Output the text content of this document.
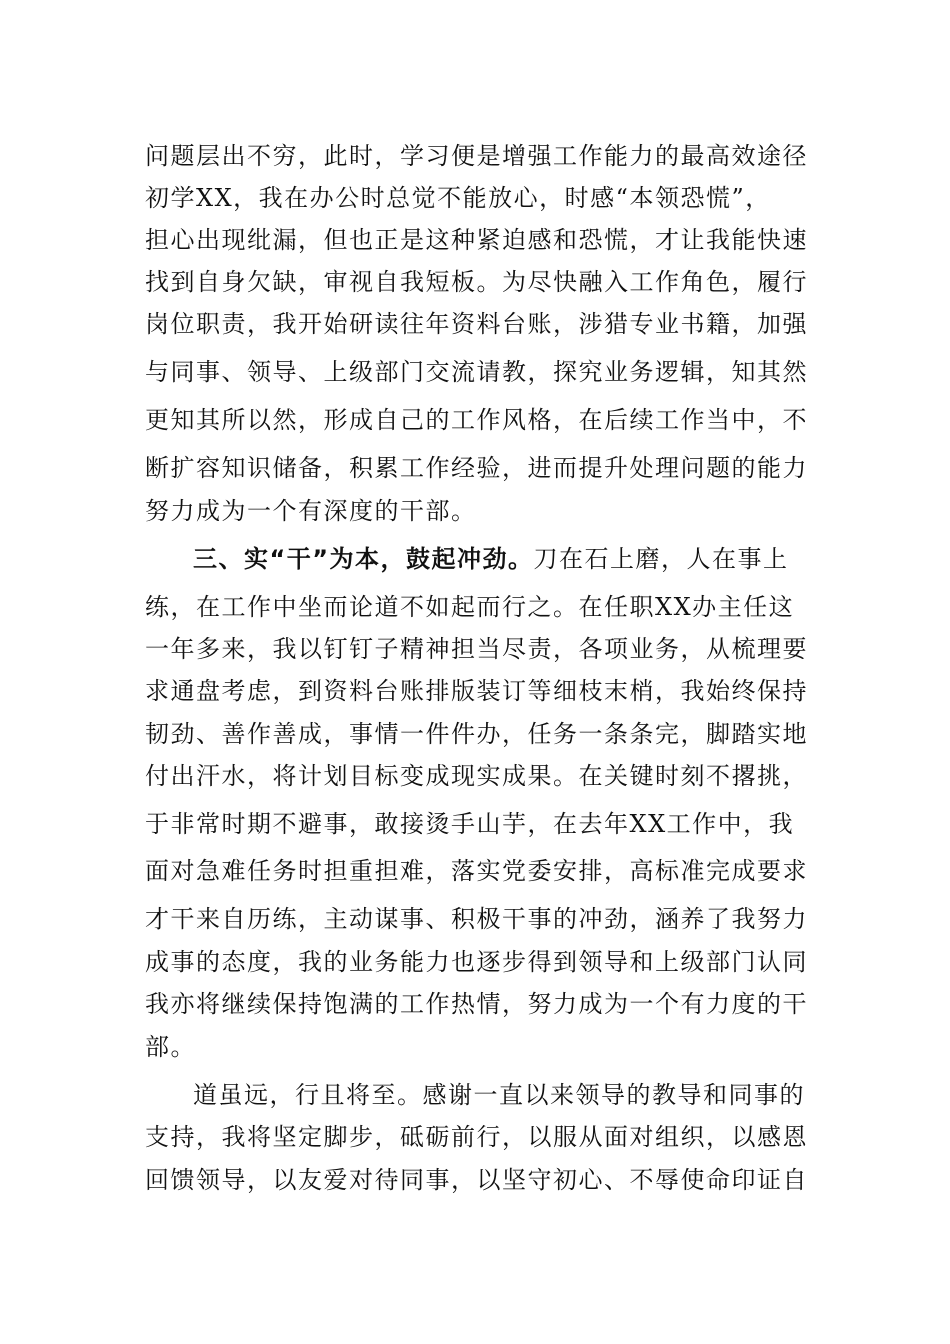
问题层出不穷，此时，学习便是增强工作能力的最高效途径
初学XX，我在办公时总觉不能放心，时感“本领恐慌”，
担心出现纰漏，但也正是这种紧迫感和恐慌，才让我能快速
找到自身欠缺，审视自我短板。为尽快融入工作角色，履行
岗位职责，我开始研读往年资料台账，涉猎专业书籍，加强
与同事、领导、上级部门交流请教，探究业务逻辑，知其然
更知其所以然，形成自己的工作风格，在后续工作当中，不
断扩容知识储备，积累工作经验，进而提升处理问题的能力
努力成为一个有深度的干部。
三、实“干”为本，鼓起冲劲。刀在石上磨，人在事上
练，在工作中坐而论道不如起而行之。在任职XX办主任这
一年多来，我以钉钉子精神担当尽责，各项业务，从梳理要
求通盘考虑，到资料台账排版装订等细枝末梢，我始终保持
韧劲、善作善成，事情一件件办，任务一条条完，脚踏实地
付出汗水，将计划目标变成现实成果。在关键时刻不撂挑，
于非常时期不避事，敢接烫手山芋，在去年XX工作中，我
面对急难任务时担重担难，落实党委安排，高标准完成要求
才干来自历练，主动谋事、积极干事的冲劲，涵养了我努力
成事的态度，我的业务能力也逐步得到领导和上级部门认同
我亦将继续保持饱满的工作热情，努力成为一个有力度的干
部。
道虽远，行且将至。感谢一直以来领导的教导和同事的
支持，我将坚定脚步，砥砺前行，以服从面对组织，以感恩
回馈领导，以友爱对待同事，以坚守初心、不辱使命印证自
